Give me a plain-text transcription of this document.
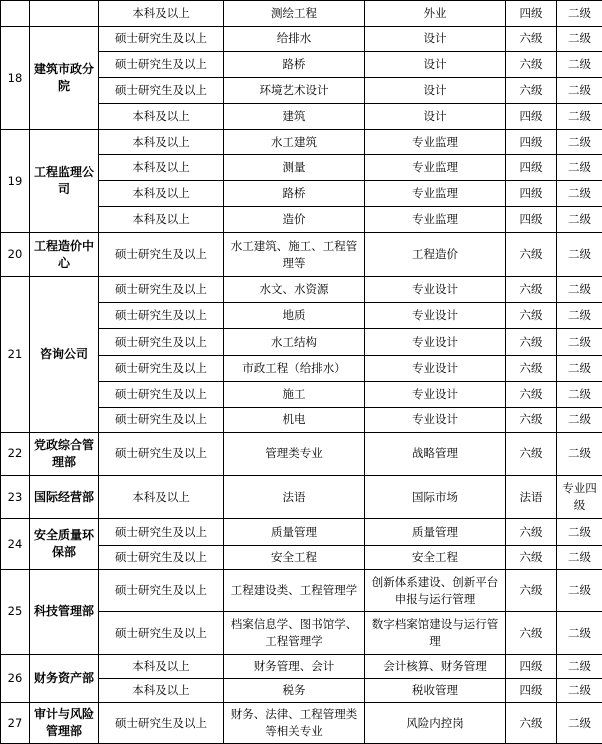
		本科及以上	测绘工程	外业	四级	二级
18	建筑市政分院	硕士研究生及以上	给排水	设计	六级	二级
		硕士研究生及以上	路桥	设计	六级	二级
		硕士研究生及以上	环境艺术设计	设计	六级	二级
		本科及以上	建筑	设计	四级	二级
19	工程监理公司	本科及以上	水工建筑	专业监理	四级	二级
		本科及以上	测量	专业监理	四级	二级
		本科及以上	路桥	专业监理	四级	二级
		本科及以上	造价	专业监理	四级	二级
20	工程造价中心	硕士研究生及以上	水工建筑、施工、工程管理等	工程造价	六级	二级
21	咨询公司	硕士研究生及以上	水文、水资源	专业设计	六级	二级
		硕士研究生及以上	地质	专业设计	六级	二级
		硕士研究生及以上	水工结构	专业设计	六级	二级
		硕士研究生及以上	市政工程（给排水）	专业设计	六级	二级
		硕士研究生及以上	施工	专业设计	六级	二级
		硕士研究生及以上	机电	专业设计	六级	二级
22	党政综合管理部	硕士研究生及以上	管理类专业	战略管理	六级	二级
23	国际经营部	本科及以上	法语	国际市场	法语	专业四级
24	安全质量环保部	硕士研究生及以上	质量管理	质量管理	六级	二级
		硕士研究生及以上	安全工程	安全工程	六级	二级
25	科技管理部	硕士研究生及以上	工程建设类、工程管理学	创新体系建设、创新平台申报与运行管理	六级	二级
		硕士研究生及以上	档案信息学、图书馆学、工程管理学	数字档案馆建设与运行管理	六级	二级
26	财务资产部	本科及以上	财务管理、会计	会计核算、财务管理	四级	二级
		本科及以上	税务	税收管理	四级	二级
27	审计与风险管理部	硕士研究生及以上	财务、法律、工程管理类等相关专业	风险内控岗	六级	二级
